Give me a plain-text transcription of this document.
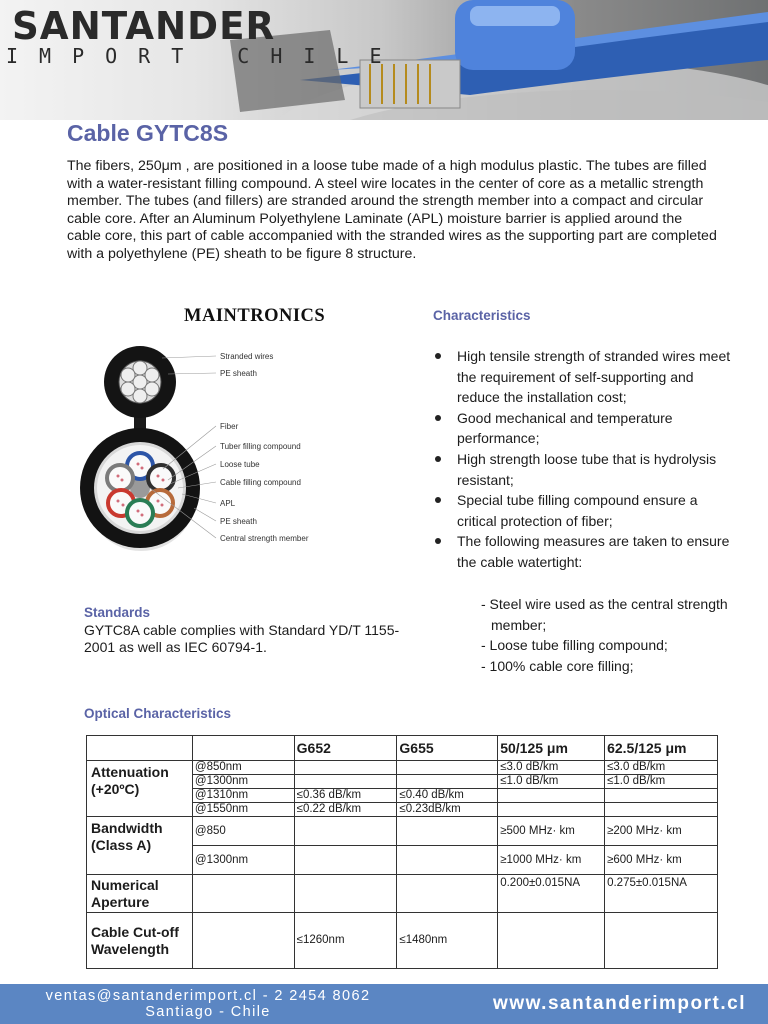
SANTANDER
IMPORT CHILE
Cable GYTC8S

The fibers, 250μm , are positioned in a loose tube made of a high modulus plastic. The tubes are filled with a water-resistant filling compound. A steel wire locates in the center of core as a metallic strength member. The tubes (and fillers) are stranded around the strength member into a compact and circular cable core. After an Aluminum Polyethylene Laminate (APL) moisture barrier is applied around the cable core, this part of cable accompanied with the stranded wires as the supporting part are completed with a polyethylene (PE) sheath to be figure 8 structure.

MAINTRONICS
Stranded wires
PE sheath
Fiber
Tuber filling compound
Loose tube
Cable filling compound
APL
PE sheath
Central strength member
Standards

GYTC8A cable complies with Standard YD/T 1155-2001 as well as IEC 60794-1.

Characteristics
High tensile strength of stranded wires meet the requirement of self-supporting and reduce the installation cost;
Good mechanical and temperature performance;
High strength loose tube that is hydrolysis resistant;
Special tube filling compound ensure a critical protection of fiber;
The following measures are taken to ensure the cable watertight:
- Steel wire used as the central strength member;
- Loose tube filling compound;
- 100% cable core filling;
Optical Characteristics
		G652	G655	50/125 μm	62.5/125 μm
Attenuation (+20ºC)	@850nm			≤3.0 dB/km	≤3.0 dB/km
	@1300nm			≤1.0 dB/km	≤1.0 dB/km
	@1310nm	≤0.36 dB/km	≤0.40 dB/km		
	@1550nm	≤0.22 dB/km	≤0.23dB/km		
Bandwidth (Class A)	@850			≥500 MHz· km	≥200 MHz· km
	@1300nm			≥1000 MHz· km	≥600 MHz· km
Numerical Aperture				0.200±0.015NA	0.275±0.015NA
Cable Cut-off Wavelength		≤1260nm	≤1480nm		
ventas@santanderimport.cl - 2 2454 8062
Santiago - Chile	www.santanderimport.cl
